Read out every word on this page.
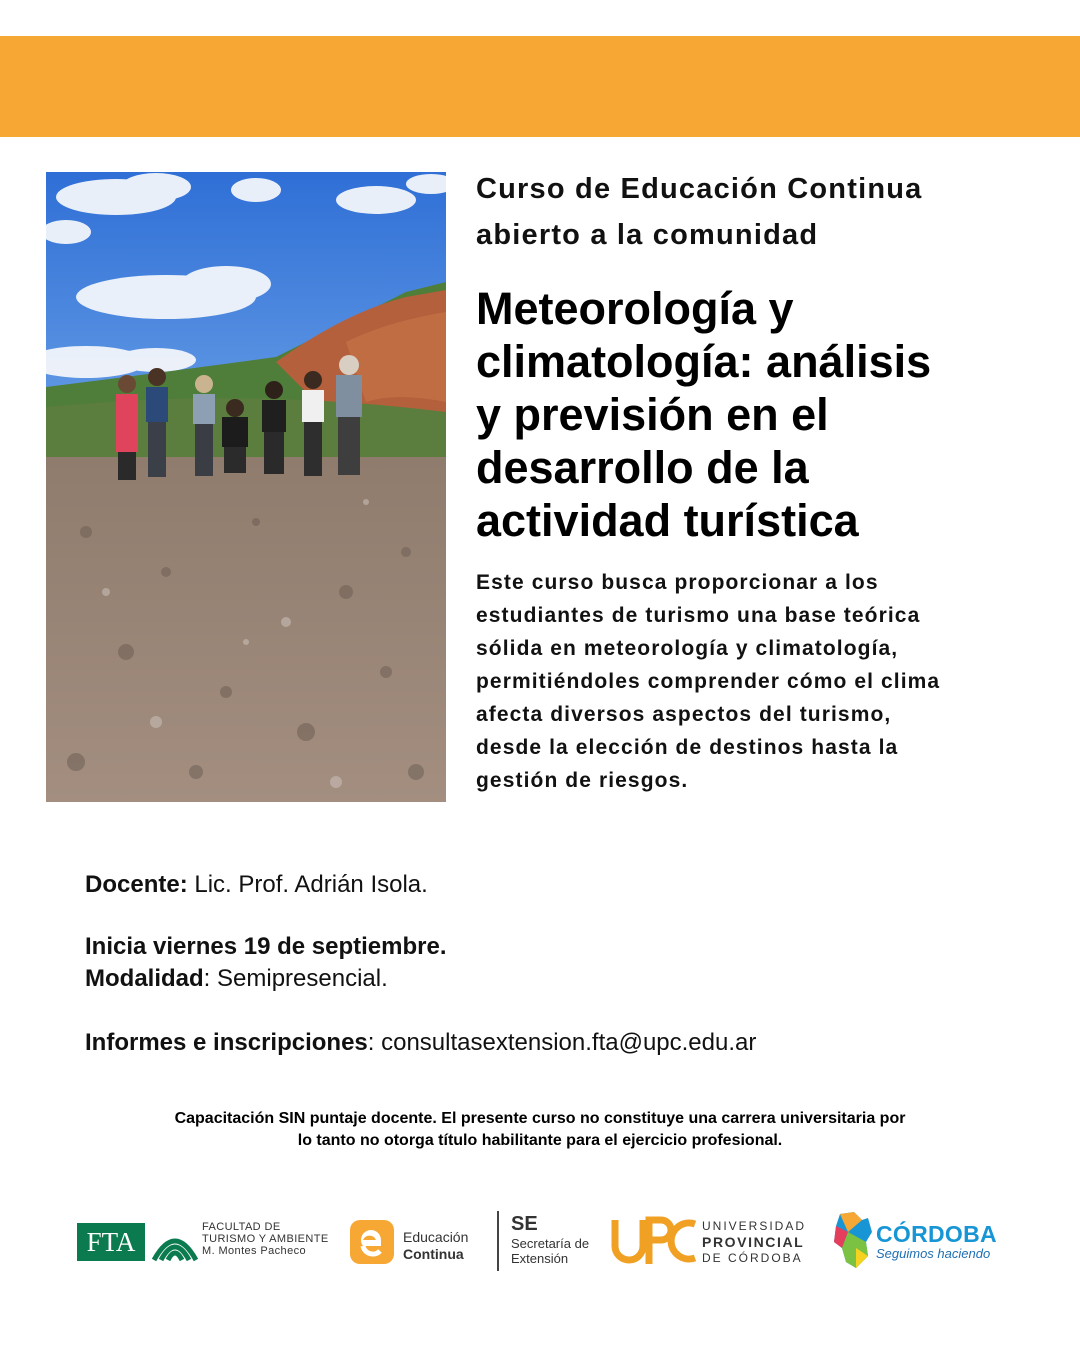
Curso de Educación Continua
abierto a la comunidad
Meteorología y
climatología: análisis
y previsión en el
desarrollo de la
actividad turística
Este curso busca proporcionar a los
estudiantes de turismo una base teórica
sólida en meteorología y climatología,
permitiéndoles comprender cómo el clima
afecta diversos aspectos del turismo,
desde la elección de destinos hasta la
gestión de riesgos.
Docente: Lic. Prof. Adrián Isola.
Inicia viernes 19 de septiembre.
Modalidad: Semipresencial.
Informes e inscripciones: consultasextension.fta@upc.edu.ar
Capacitación SIN puntaje docente. El presente curso no constituye una carrera universitaria por
lo tanto no otorga título habilitante para el ejercicio profesional.
FTA	FACULTAD DE
TURISMO Y AMBIENTE
M. Montes Pacheco
Educación
Continua
SE
Secretaría de
Extensión
UNIVERSIDAD
PROVINCIAL
DE CÓRDOBA
CÓRDOBA
Seguimos haciendo
